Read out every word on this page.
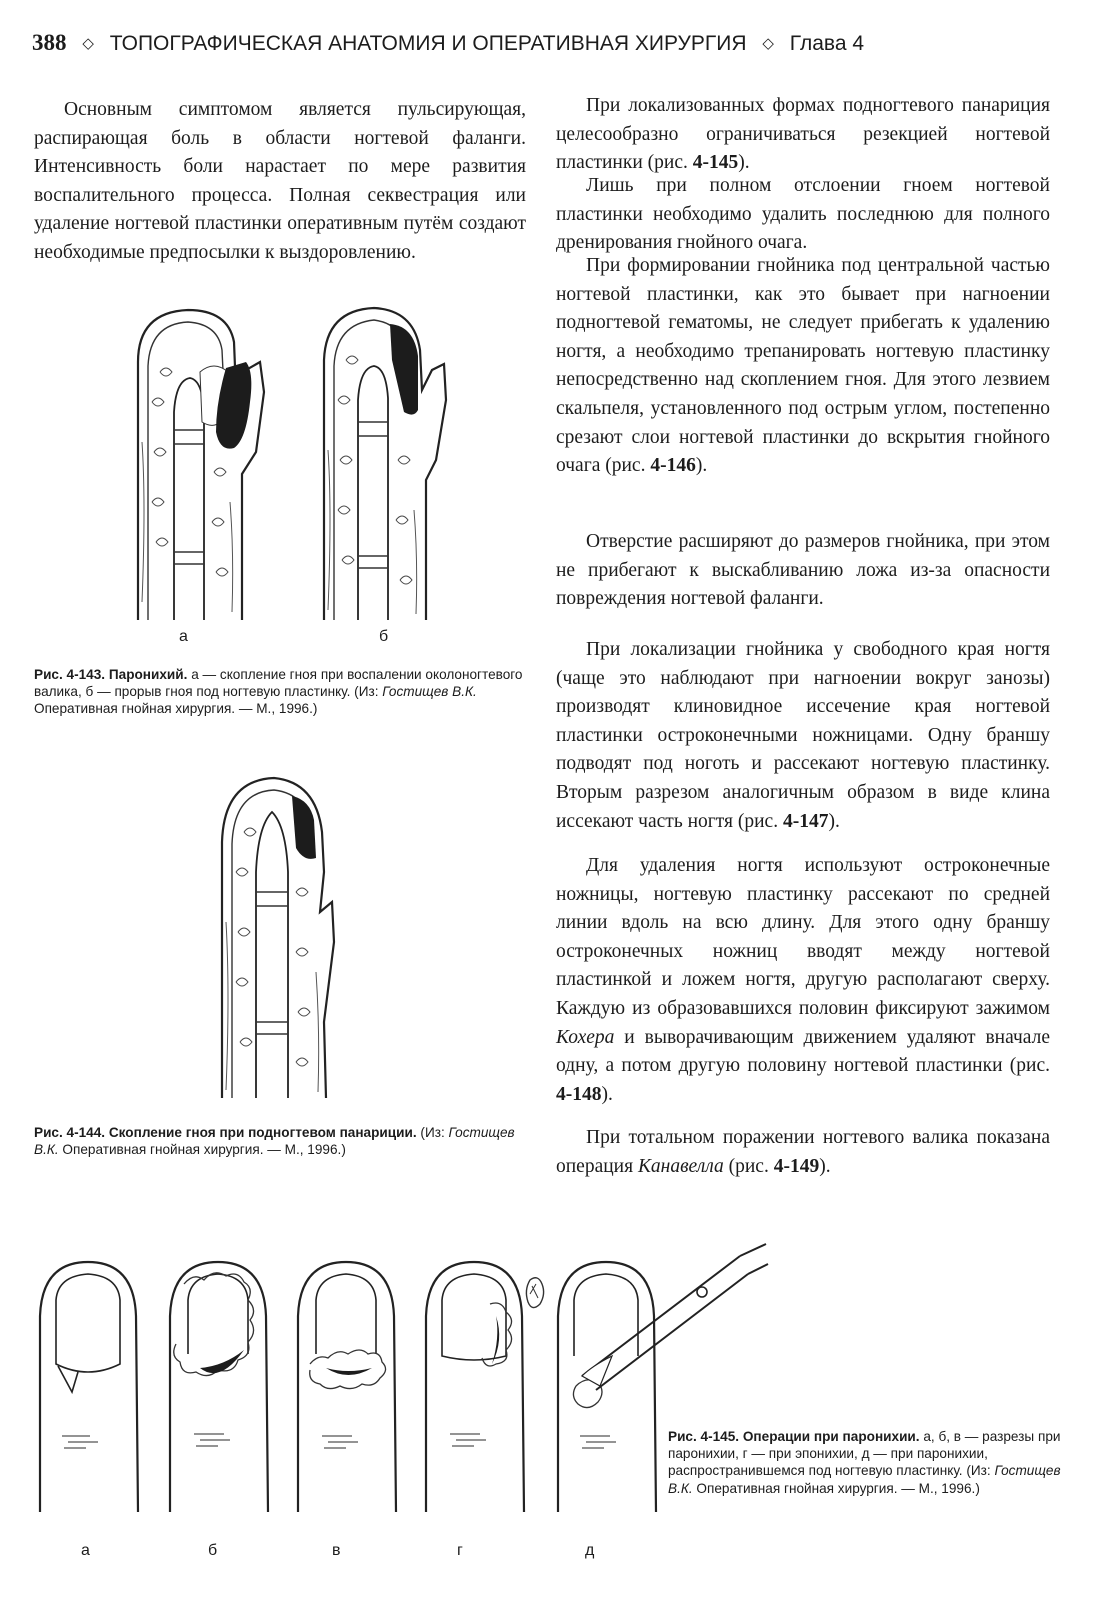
388 ◇ ТОПОГРАФИЧЕСКАЯ АНАТОМИЯ И ОПЕРАТИВНАЯ ХИРУРГИЯ ◇ Глава 4

Основным симптомом является пульсирующая, распирающая боль в области ногтевой фаланги. Интенсивность боли нарастает по мере развития воспалительного процесса. Полная секвестрация или удаление ногтевой пластинки оперативным путём создают необходимые предпосылки к выздоровлению.

а	б

Рис. 4-143. Паронихий. а — скопление гноя при воспалении околоногтевого валика, б — прорыв гноя под ногтевую пластинку. (Из: Гостищев В.К. Оперативная гнойная хирургия. — М., 1996.)

Рис. 4-144. Скопление гноя при подногтевом панариции. (Из: Гостищев В.К. Оперативная гнойная хирургия. — М., 1996.)

При локализованных формах подногтевого панариция целесообразно ограничиваться резекцией ногтевой пластинки (рис. 4-145).

Лишь при полном отслоении гноем ногтевой пластинки необходимо удалить последнюю для полного дренирования гнойного очага.

При формировании гнойника под центральной частью ногтевой пластинки, как это бывает при нагноении подногтевой гематомы, не следует прибегать к удалению ногтя, а необходимо трепанировать ногтевую пластинку непосредственно над скоплением гноя. Для этого лезвием скальпеля, установленного под острым углом, постепенно срезают слои ногтевой пластинки до вскрытия гнойного очага (рис. 4-146).

Отверстие расширяют до размеров гнойника, при этом не прибегают к выскабливанию ложа из-за опасности повреждения ногтевой фаланги.

При локализации гнойника у свободного края ногтя (чаще это наблюдают при нагноении вокруг занозы) производят клиновидное иссечение края ногтевой пластинки остроконечными ножницами. Одну браншу подводят под ноготь и рассекают ногтевую пластинку. Вторым разрезом аналогичным образом в виде клина иссекают часть ногтя (рис. 4-147).

Для удаления ногтя используют остроконечные ножницы, ногтевую пластинку рассекают по средней линии вдоль на всю длину. Для этого одну браншу остроконечных ножниц вводят между ногтевой пластинкой и ложем ногтя, другую располагают сверху. Каждую из образовавшихся половин фиксируют зажимом Кохера и выворачивающим движением удаляют вначале одну, а потом другую половину ногтевой пластинки (рис. 4-148).

При тотальном поражении ногтевого валика показана операция Канавелла (рис. 4-149).

а	б	в	г	д

Рис. 4-145. Операции при паронихии. а, б, в — разрезы при паронихии, г — при эпонихии, д — при паронихии, распространившемся под ногтевую пластинку. (Из: Гостищев В.К. Оперативная гнойная хирургия. — М., 1996.)
